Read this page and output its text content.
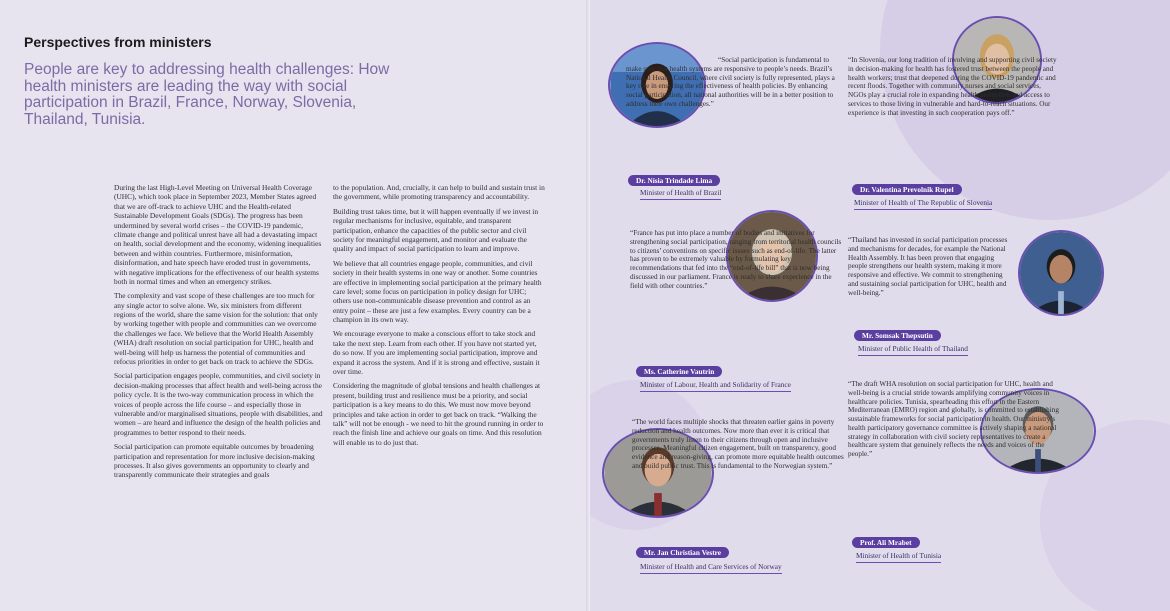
Perspectives from ministers
People are key to addressing health challenges: How health ministers are leading the way with social participation in Brazil, France, Norway, Slovenia, Thailand, Tunisia.

During the last High-Level Meeting on Universal Health Coverage (UHC), which took place in September 2023, Member States agreed that we are off-track to achieve UHC and the Health-related Sustainable Development Goals (SDGs). The progress has been undermined by several world crises – the COVID-19 pandemic, climate change and political unrest have all had a devastating impact on health, social development and the economy, widening inequalities between and within countries. Furthermore, misinformation, disinformation, and hate speech have eroded trust in governments, with negative implications for the effectiveness of our health systems both in normal times and when an emergency strikes.

The complexity and vast scope of these challenges are too much for any single actor to solve alone. We, six ministers from different regions of the world, share the same vision for the solution: that only by working together with people and communities can we overcome the challenges we face. We believe that the World Health Assembly (WHA) draft resolution on social participation for UHC, health and well-being will help us harness the potential of communities and refocus priorities in order to get back on track to achieve the SDGs.

Social participation engages people, communities, and civil society in decision-making processes that affect health and well-being across the policy cycle. It is the two-way communication process in which the voices of people across the life course – and especially those in vulnerable and/or marginalised situations, people with disabilities, and women – are heard and influence the design of the health policies and programmes to better respond to their needs.

Social participation can promote equitable outcomes by broadening participation and representation for more inclusive decision-making processes. It also gives governments an opportunity to clearly and transparently communicate their strategies and goals

to the population. And, crucially, it can help to build and sustain trust in the government, while promoting transparency and accountability.

Building trust takes time, but it will happen eventually if we invest in regular mechanisms for inclusive, equitable, and transparent participation, enhance the capacities of the public sector and civil society for meaningful engagement, and monitor and evaluate the quality and impact of social participation to learn and improve.

We believe that all countries engage people, communities, and civil society in their health systems in one way or another. Some countries are effective in implementing social participation at the primary health care level; some focus on participation in policy design for UHC; others use non-communicable disease prevention and control as an entry point – these are just a few examples. Every country can be a champion in its own way.

We encourage everyone to make a conscious effort to take stock and take the next step. Learn from each other. If you have not started yet, do so now. If you are implementing social participation, improve and expand it across the system. And if it is strong and effective, sustain it over time.

Considering the magnitude of global tensions and health challenges at present, building trust and resilience must be a priority, and social participation is a key means to do this. We must now move beyond principles and take action in order to get back on track. “Walking the talk” will not be enough - we need to hit the ground running in order to reach the finish line and achieve our goals on time. And this resolution will enable us to do just that.

“Social participation is fundamental to make sure that health systems are responsive to people’s needs. Brazil’s National Health Council, where civil society is fully represented, plays a key role in ensuring the effectiveness of health policies. By enhancing social participation, all national authorities will be in a better position to address their own challenges.”
Dr. Nísia Trindade Lima
Minister of Health of Brazil
“In Slovenia, our long tradition of involving and supporting civil society in decision-making for health has fostered trust between the people and health workers; trust that deepened during the COVID-19 pandemic and recent floods. Together with community nurses and social services, NGOs play a crucial role in expanding health promotion and access to services to those living in vulnerable and hard-to-reach situations. Our experience is that investing in such cooperation pays off.”
Dr. Valentina Prevolnik Rupel
Minister of Health of The Republic of Slovenia
“France has put into place a number of bodies and initiatives for strengthening social participation, ranging from territorial health councils to citizens’ conventions on specific issues such as end-of-life. The latter has proven to be extremely valuable by formulating key recommendations that fed into the “end-of-life bill” that is now being discussed in our parliament. France is ready to share experience in the field with other countries.”
Ms. Catherine Vautrin
Minister of Labour, Health and Solidarity of France
“Thailand has invested in social participation processes and mechanisms for decades, for example the National Health Assembly. It has been proven that engaging people strengthens our health system, making it more responsive and effective. We commit to strengthening and sustaining social participation for UHC, health and well-being.”
Mr. Somsak Thepsutin
Minister of Public Health of Thailand
“The world faces multiple shocks that threaten earlier gains in poverty reduction and health outcomes. Now more than ever it is critical that governments truly listen to their citizens through open and inclusive processes. Meaningful citizen engagement, built on transparency, good evidence and reason-giving, can promote more equitable health outcomes and build public trust. This is fundamental to the Norwegian system.”
Mr. Jan Christian Vestre
Minister of Health and Care Services of Norway
“The draft WHA resolution on social participation for UHC, health and well-being is a crucial stride towards amplifying community voices in healthcare policies. Tunisia, spearheading this effort in the Eastern Mediterranean (EMRO) region and globally, is committed to establishing sustainable frameworks for social participation in health. Our ministry’s health participatory governance committee is actively shaping a national strategy in collaboration with civil society representatives to create a healthcare system that genuinely reflects the needs and voices of the people.”
Prof. Ali Mrabet
Minister of Health of Tunisia
